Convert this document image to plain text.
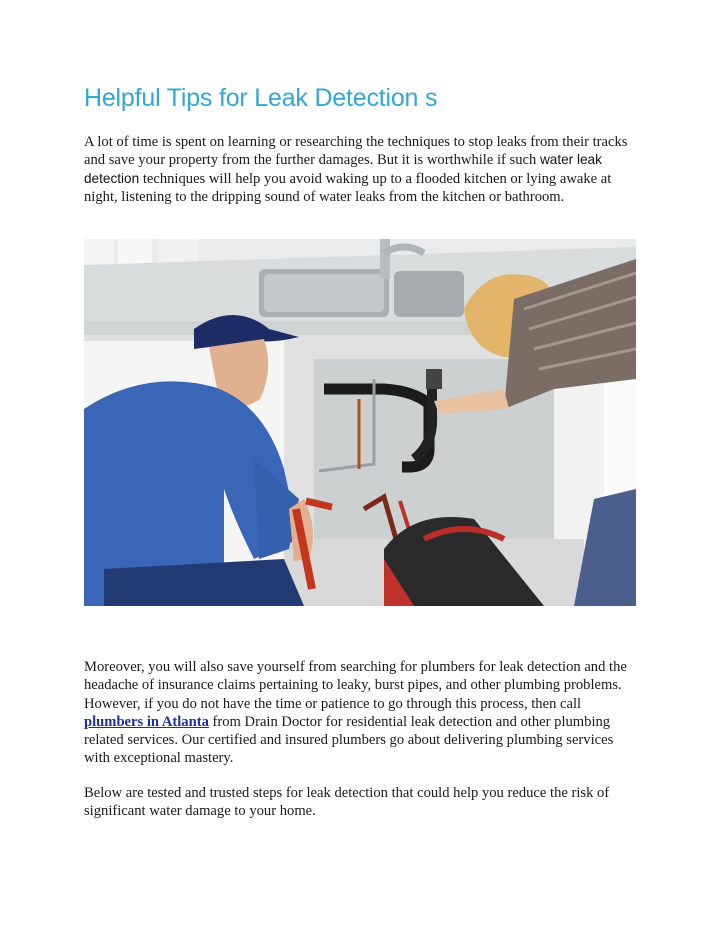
Helpful Tips for Leak Detection s

A lot of time is spent on learning or researching the techniques to stop leaks from their tracks and save your property from the further damages. But it is worthwhile if such water leak detection techniques will help you avoid waking up to a flooded kitchen or lying awake at night, listening to the dripping sound of water leaks from the kitchen or bathroom.

Moreover, you will also save yourself from searching for plumbers for leak detection and the headache of insurance claims pertaining to leaky, burst pipes, and other plumbing problems. However, if you do not have the time or patience to go through this process, then call plumbers in Atlanta from Drain Doctor for residential leak detection and other plumbing related services. Our certified and insured plumbers go about delivering plumbing services with exceptional mastery.

Below are tested and trusted steps for leak detection that could help you reduce the risk of significant water damage to your home.
